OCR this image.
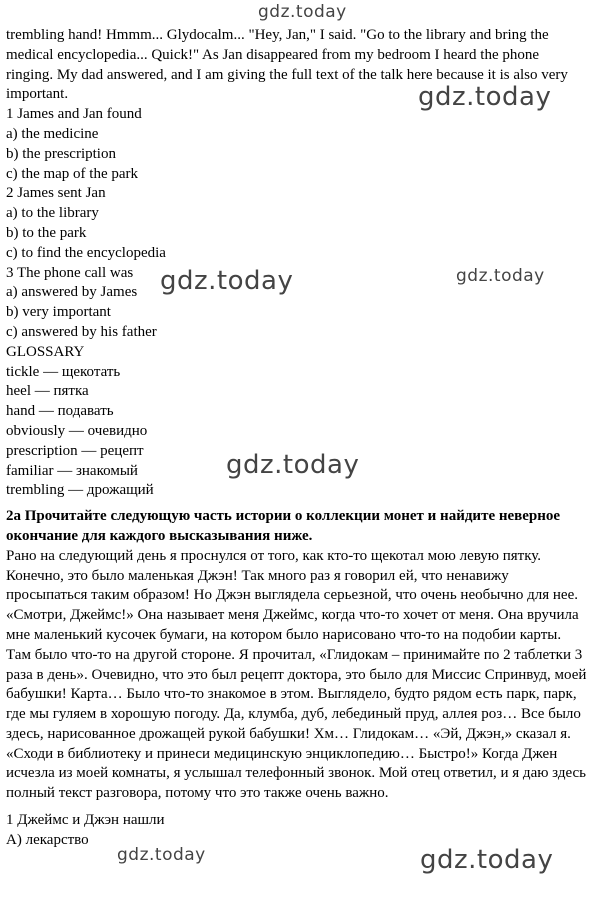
gdz.today
gdz.today
gdz.today	gdz.today
gdz.today
gdz.today	gdz.today
trembling hand! Hmmm... Glydocalm... "Hey, Jan," I said. "Go to the library and bring the medical encyclopedia... Quick!" As Jan disappeared from my bedroom I heard the phone ringing. My dad answered, and I am giving the full text of the talk here because it is also very important.
1 James and Jan found
a) the medicine
b) the prescription
c) the map of the park
2 James sent Jan
a) to the library
b) to the park
c) to find the encyclopedia
3 The phone call was
a) answered by James
b) very important
c) answered by his father
GLOSSARY
tickle — щекотать
heel — пятка
hand — подавать
obviously — очевидно
prescription — рецепт
familiar — знакомый
trembling — дрожащий
2а Прочитайте следующую часть истории о коллекции монет и найдите неверное окончание для каждого высказывания ниже.
Рано на следующий день я проснулся от того, как кто-то щекотал мою левую пятку. Конечно, это было маленькая Джэн! Так много раз я говорил ей, что ненавижу просыпаться таким образом! Но Джэн выглядела серьезной, что очень необычно для нее. «Смотри, Джеймс!» Она называет меня Джеймс, когда что-то хочет от меня. Она вручила мне маленький кусочек бумаги, на котором было нарисовано что-то на подобии карты. Там было что-то на другой стороне. Я прочитал, «Глидокам – принимайте по 2 таблетки 3 раза в день». Очевидно, что это был рецепт доктора, это было для Миссис Спринвуд, моей бабушки! Карта… Было что-то знакомое в этом. Выглядело, будто рядом есть парк, парк, где мы гуляем в хорошую погоду. Да, клумба, дуб, лебединый пруд, аллея роз… Все было здесь, нарисованное дрожащей рукой бабушки! Хм… Глидокам… «Эй, Джэн,» сказал я. «Сходи в библиотеку и принеси медицинскую энциклопедию… Быстро!» Когда Джен исчезла из моей комнаты, я услышал телефонный звонок. Мой отец ответил, и я даю здесь полный текст разговора, потому что это также очень важно.
1 Джеймс и Джэн нашли
А) лекарство
